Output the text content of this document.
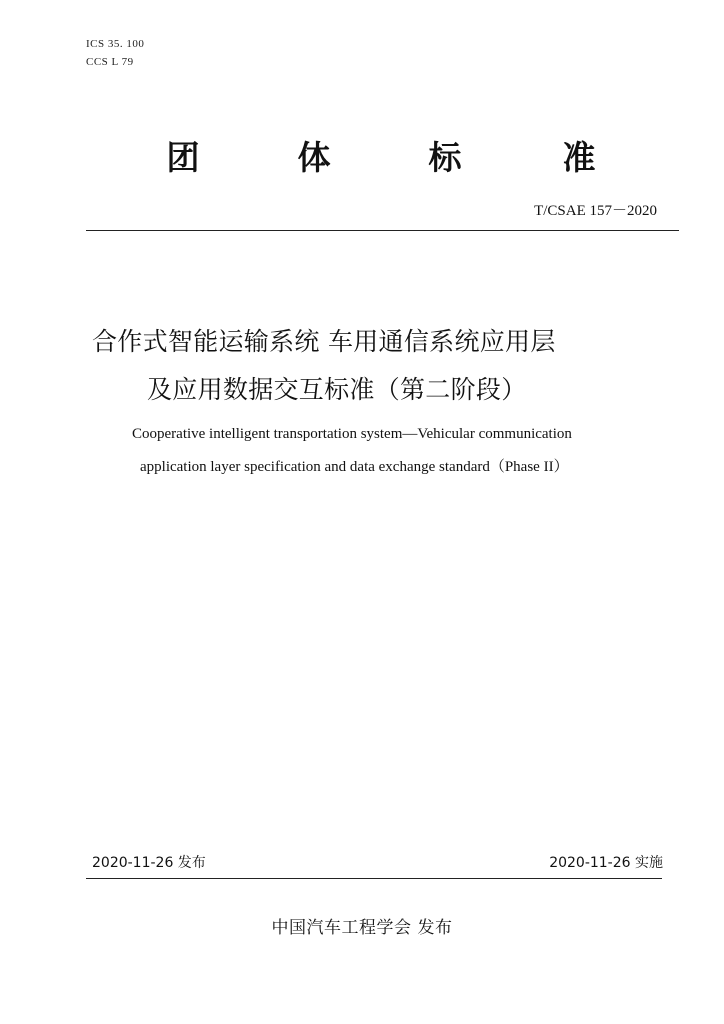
ICS 35. 100
CCS L 79
团	体	标	准
T/CSAE 157－2020
合作式智能运输系统 车用通信系统应用层
及应用数据交互标准（第二阶段）
Cooperative intelligent transportation system—Vehicular communication
application layer specification and data exchange standard（Phase II）
2020-11-26 发布	2020-11-26 实施
中国汽车工程学会 发布
